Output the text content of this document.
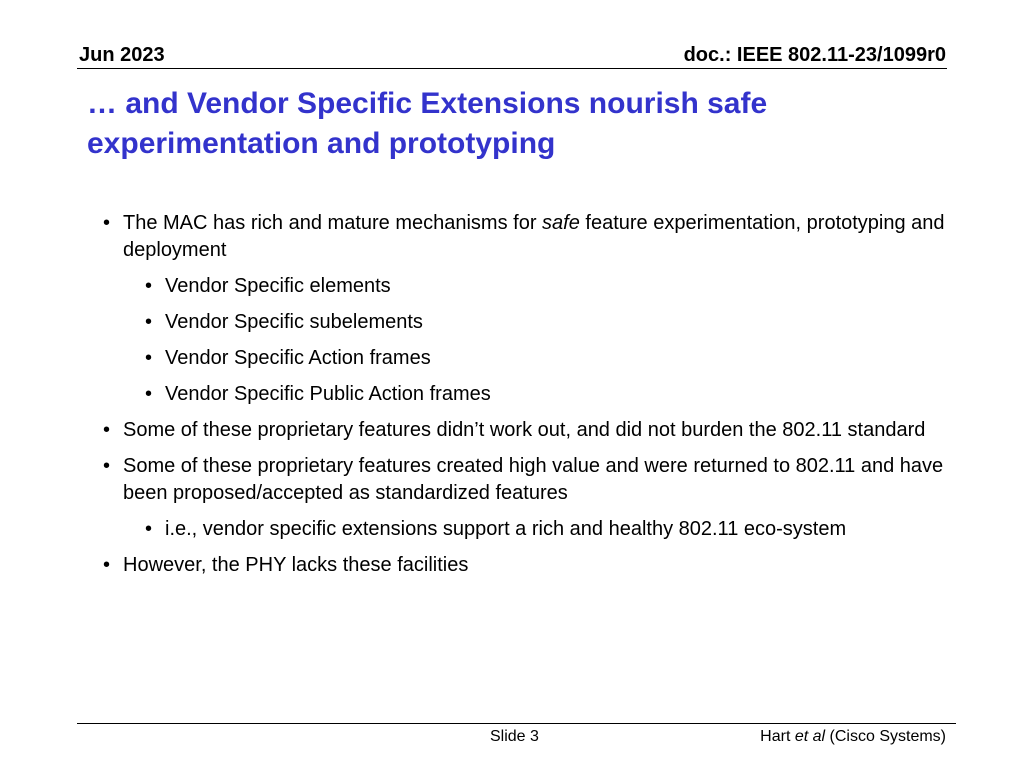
Jun 2023	doc.: IEEE 802.11-23/1099r0
… and Vendor Specific Extensions nourish safe
experimentation and prototyping
• The MAC has rich and mature mechanisms for safe feature experimentation, prototyping and deployment
• Vendor Specific elements
• Vendor Specific subelements
• Vendor Specific Action frames
• Vendor Specific Public Action frames
• Some of these proprietary features didn’t work out, and did not burden the 802.11 standard
• Some of these proprietary features created high value and were returned to 802.11 and have been proposed/accepted as standardized features
• i.e., vendor specific extensions support a rich and healthy 802.11 eco-system
• However, the PHY lacks these facilities
Slide 3	Hart et al (Cisco Systems)
